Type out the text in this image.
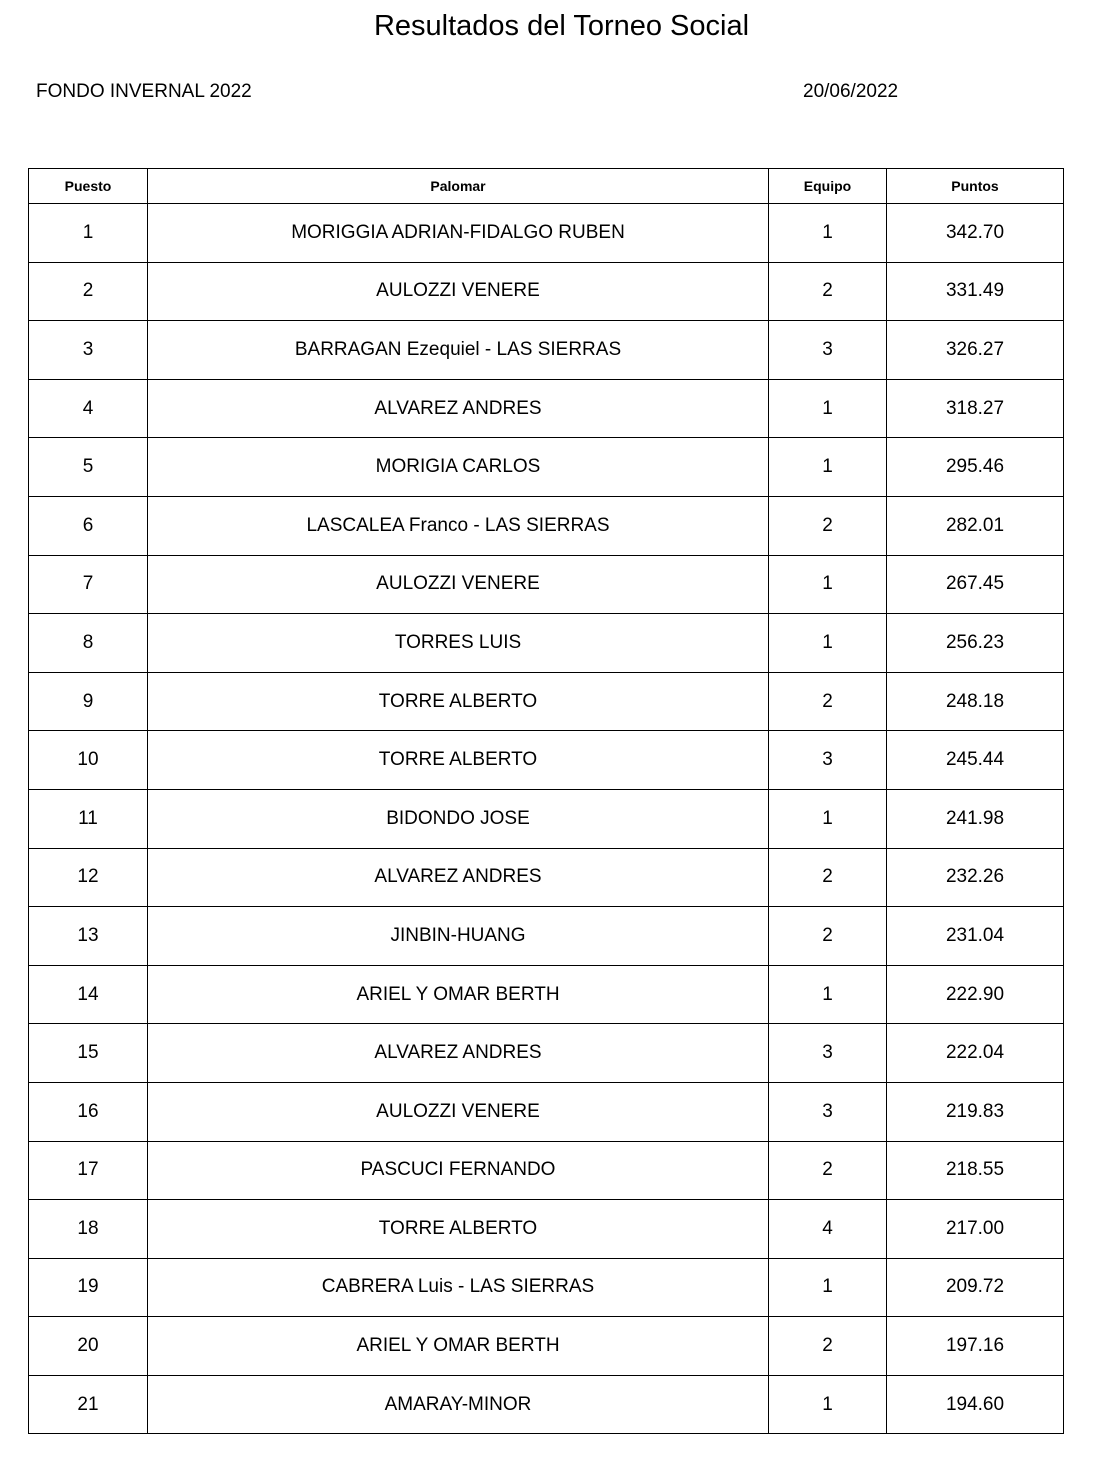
Resultados del Torneo Social
FONDO INVERNAL 2022	20/06/2022
Puesto	Palomar	Equipo	Puntos
1	MORIGGIA ADRIAN-FIDALGO RUBEN	1	342.70
2	AULOZZI VENERE	2	331.49
3	BARRAGAN Ezequiel - LAS SIERRAS	3	326.27
4	ALVAREZ ANDRES	1	318.27
5	MORIGIA CARLOS	1	295.46
6	LASCALEA Franco - LAS SIERRAS	2	282.01
7	AULOZZI VENERE	1	267.45
8	TORRES LUIS	1	256.23
9	TORRE ALBERTO	2	248.18
10	TORRE ALBERTO	3	245.44
11	BIDONDO JOSE	1	241.98
12	ALVAREZ ANDRES	2	232.26
13	JINBIN-HUANG	2	231.04
14	ARIEL Y OMAR BERTH	1	222.90
15	ALVAREZ ANDRES	3	222.04
16	AULOZZI VENERE	3	219.83
17	PASCUCI FERNANDO	2	218.55
18	TORRE ALBERTO	4	217.00
19	CABRERA Luis - LAS SIERRAS	1	209.72
20	ARIEL Y OMAR BERTH	2	197.16
21	AMARAY-MINOR	1	194.60
